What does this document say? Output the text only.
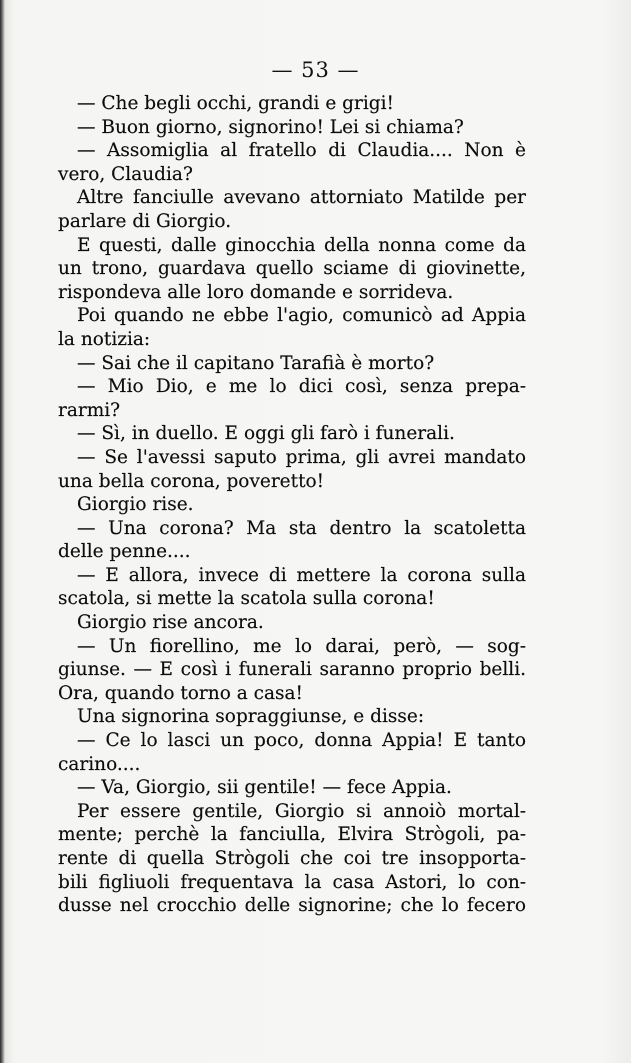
— 53 —
— Che begli occhi, grandi e grigi!
— Buon giorno, signorino! Lei si chiama?
— Assomiglia al fratello di Claudia.... Non è
vero, Claudia?
Altre fanciulle avevano attorniato Matilde per
parlare di Giorgio.
E questi, dalle ginocchia della nonna come da
un trono, guardava quello sciame di giovinette,
rispondeva alle loro domande e sorrideva.
Poi quando ne ebbe l'agio, comunicò ad Appia
la notizia:
— Sai che il capitano Tarafià è morto?
— Mio Dio, e me lo dici così, senza prepa-
rarmi?
— Sì, in duello. E oggi gli farò i funerali.
— Se l'avessi saputo prima, gli avrei mandato
una bella corona, poveretto!
Giorgio rise.
— Una corona? Ma sta dentro la scatoletta
delle penne....
— E allora, invece di mettere la corona sulla
scatola, si mette la scatola sulla corona!
Giorgio rise ancora.
— Un fiorellino, me lo darai, però, — sog-
giunse. — E così i funerali saranno proprio belli.
Ora, quando torno a casa!
Una signorina sopraggiunse, e disse:
— Ce lo lasci un poco, donna Appia! E tanto
carino....
— Va, Giorgio, sii gentile! — fece Appia.
Per essere gentile, Giorgio si annoiò mortal-
mente; perchè la fanciulla, Elvira Strògoli, pa-
rente di quella Strògoli che coi tre insopporta-
bili figliuoli frequentava la casa Astori, lo con-
dusse nel crocchio delle signorine; che lo fecero
